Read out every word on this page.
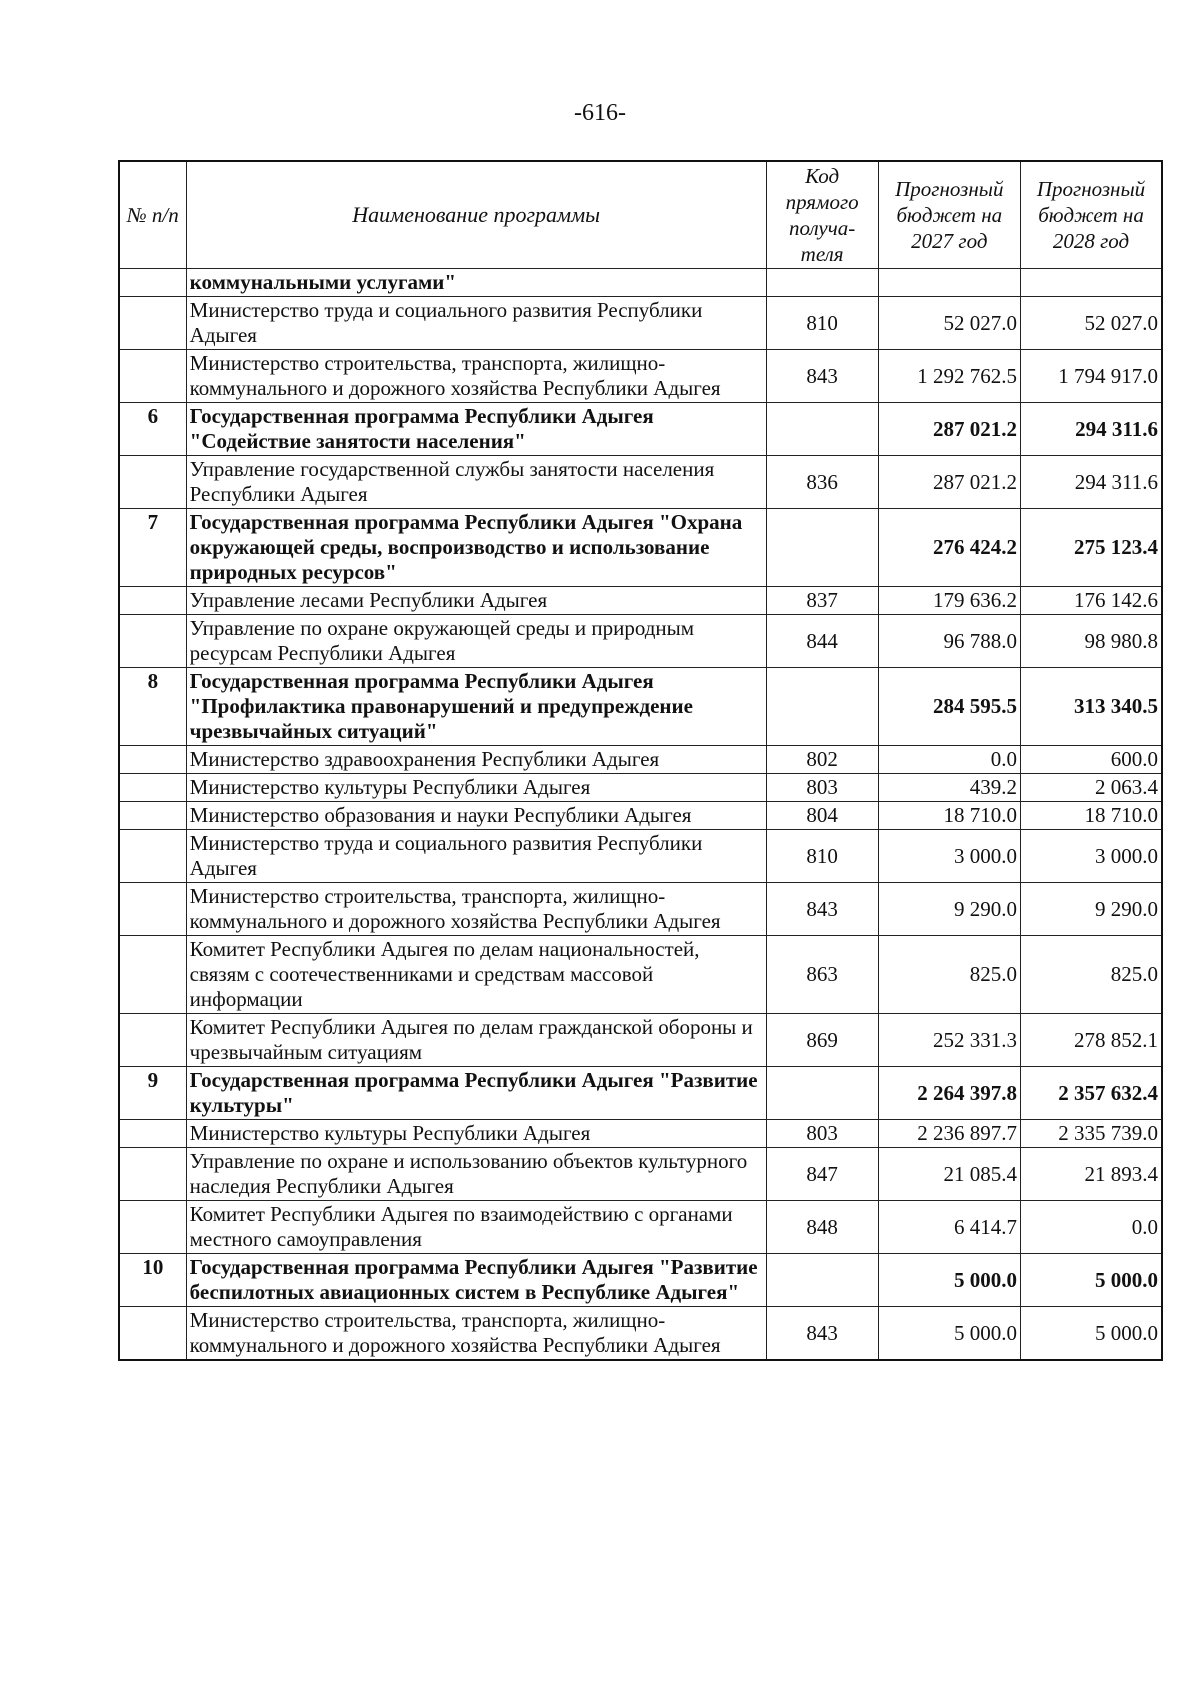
-616-
№ п/п	Наименование программы	Код прямого получа-теля	Прогнозный бюджет на 2027 год	Прогнозный бюджет на 2028 год
	коммунальными услугами"			
	Министерство труда и социального развития Республики Адыгея	810	52 027.0	52 027.0
	Министерство строительства, транспорта, жилищно-коммунального и дорожного хозяйства Республики Адыгея	843	1 292 762.5	1 794 917.0
6	Государственная программа Республики Адыгея "Содействие занятости населения"		287 021.2	294 311.6
	Управление государственной службы занятости населения Республики Адыгея	836	287 021.2	294 311.6
7	Государственная программа Республики Адыгея "Охрана окружающей среды, воспроизводство и использование природных ресурсов"		276 424.2	275 123.4
	Управление лесами Республики Адыгея	837	179 636.2	176 142.6
	Управление по охране окружающей среды и природным ресурсам Республики Адыгея	844	96 788.0	98 980.8
8	Государственная программа Республики Адыгея "Профилактика правонарушений и предупреждение чрезвычайных ситуаций"		284 595.5	313 340.5
	Министерство здравоохранения Республики Адыгея	802	0.0	600.0
	Министерство культуры Республики Адыгея	803	439.2	2 063.4
	Министерство образования и науки Республики Адыгея	804	18 710.0	18 710.0
	Министерство труда и социального развития Республики Адыгея	810	3 000.0	3 000.0
	Министерство строительства, транспорта, жилищно-коммунального и дорожного хозяйства Республики Адыгея	843	9 290.0	9 290.0
	Комитет Республики Адыгея по делам национальностей, связям с соотечественниками и средствам массовой информации	863	825.0	825.0
	Комитет Республики Адыгея по делам гражданской обороны и чрезвычайным ситуациям	869	252 331.3	278 852.1
9	Государственная программа Республики Адыгея "Развитие культуры"		2 264 397.8	2 357 632.4
	Министерство культуры Республики Адыгея	803	2 236 897.7	2 335 739.0
	Управление по охране и использованию объектов культурного наследия Республики Адыгея	847	21 085.4	21 893.4
	Комитет Республики Адыгея по взаимодействию с органами местного самоуправления	848	6 414.7	0.0
10	Государственная программа Республики Адыгея "Развитие беспилотных авиационных систем в Республике Адыгея"		5 000.0	5 000.0
	Министерство строительства, транспорта, жилищно-коммунального и дорожного хозяйства Республики Адыгея	843	5 000.0	5 000.0
